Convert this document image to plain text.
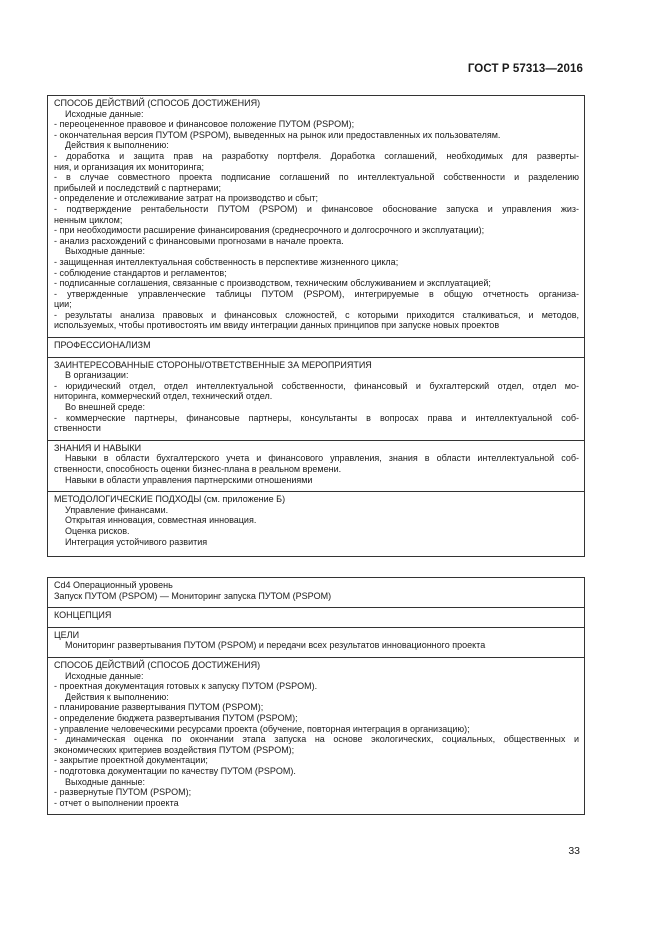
ГОСТ Р 57313—2016
СПОСОБ ДЕЙСТВИЙ (СПОСОБ ДОСТИЖЕНИЯ)
Исходные данные:
- переоцененное правовое и финансовое положение ПУТОМ (PSPOM);
- окончательная версия ПУТОМ (PSPOM), выведенных на рынок или предоставленных их пользователям.
Действия к выполнению:
- доработка и защита прав на разработку портфеля. Доработка соглашений, необходимых для разверты-
ния, и организация их мониторинга;
- в случае совместного проекта подписание соглашений по интеллектуальной собственности и разделению
прибылей и последствий с партнерами;
- определение и отслеживание затрат на производство и сбыт;
- подтверждение рентабельности ПУТОМ (PSPOM) и финансовое обоснование запуска и управления жиз-
ненным циклом;
- при необходимости расширение финансирования (среднесрочного и долгосрочного и эксплуатации);
- анализ расхождений с финансовыми прогнозами в начале проекта.
Выходные данные:
- защищенная интеллектуальная собственность в перспективе жизненного цикла;
- соблюдение стандартов и регламентов;
- подписанные соглашения, связанные с производством, техническим обслуживанием и эксплуатацией;
- утвержденные управленческие таблицы ПУТОМ (PSPOM), интегрируемые в общую отчетность организа-
ции;
- результаты анализа правовых и финансовых сложностей, с которыми приходится сталкиваться, и методов,
используемых, чтобы противостоять им ввиду интеграции данных принципов при запуске новых проектов
ПРОФЕССИОНАЛИЗМ
ЗАИНТЕРЕСОВАННЫЕ СТОРОНЫ/ОТВЕТСТВЕННЫЕ ЗА МЕРОПРИЯТИЯ
В организации:
- юридический отдел, отдел интеллектуальной собственности, финансовый и бухгалтерский отдел, отдел мо-
ниторинга, коммерческий отдел, технический отдел.
Во внешней среде:
- коммерческие партнеры, финансовые партнеры, консультанты в вопросах права и интеллектуальной соб-
ственности
ЗНАНИЯ И НАВЫКИ
Навыки в области бухгалтерского учета и финансового управления, знания в области интеллектуальной соб-
ственности, способность оценки бизнес-плана в реальном времени.
Навыки в области управления партнерскими отношениями
МЕТОДОЛОГИЧЕСКИЕ ПОДХОДЫ (см. приложение Б)
Управление финансами.
Открытая инновация, совместная инновация.
Оценка рисков.
Интеграция устойчивого развития
Cd4 Операционный уровень
Запуск ПУТОМ (PSPOM) — Мониторинг запуска ПУТОМ (PSPOM)
КОНЦЕПЦИЯ
ЦЕЛИ
Мониторинг развертывания ПУТОМ (PSPOM) и передачи всех результатов инновационного проекта
СПОСОБ ДЕЙСТВИЙ (СПОСОБ ДОСТИЖЕНИЯ)
Исходные данные:
- проектная документация готовых к запуску ПУТОМ (PSPOM).
Действия к выполнению:
- планирование развертывания ПУТОМ (PSPOM);
- определение бюджета развертывания ПУТОМ (PSPOM);
- управление человеческими ресурсами проекта (обучение, повторная интеграция в организацию);
- динамическая оценка по окончании этапа запуска на основе экологических, социальных, общественных и
экономических критериев воздействия ПУТОМ (PSPOM);
- закрытие проектной документации;
- подготовка документации по качеству ПУТОМ (PSPOM).
Выходные данные:
- развернутые ПУТОМ (PSPOM);
- отчет о выполнении проекта
33
